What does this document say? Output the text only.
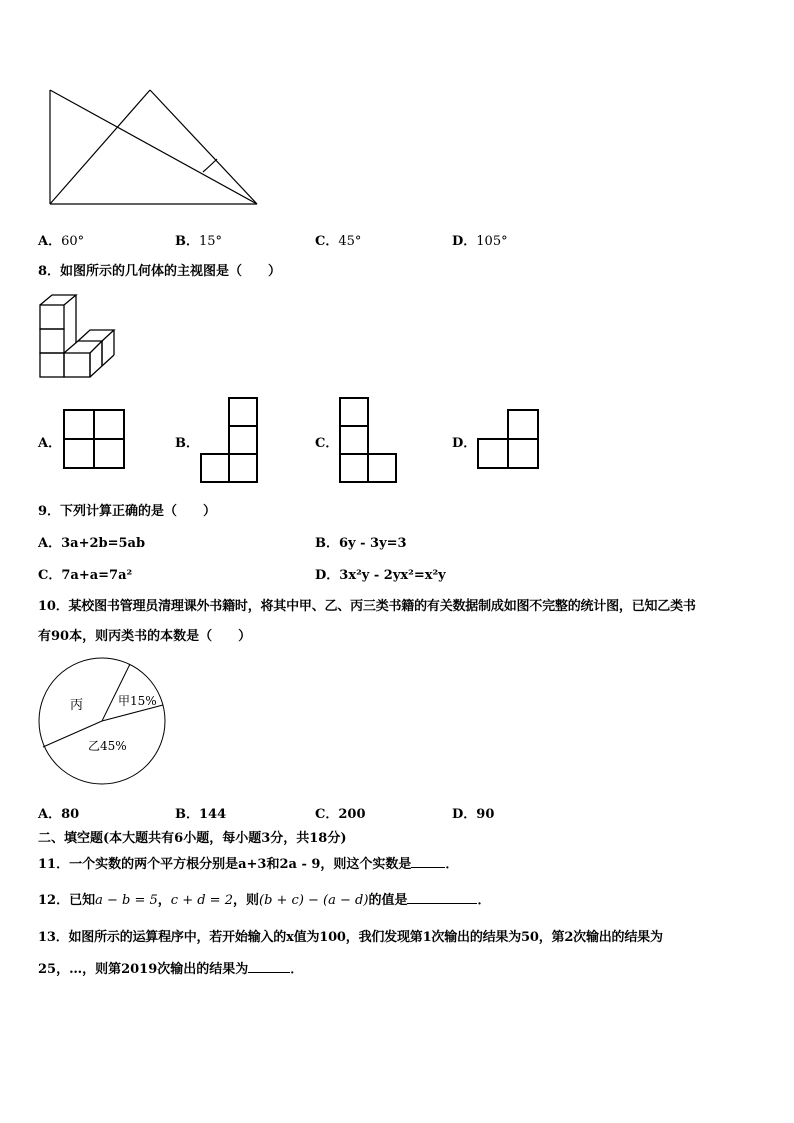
A．60°	B．15°	C．45°	D．105°
8．如图所示的几何体的主视图是（　　）
A．	B．	C．	D．
9．下列计算正确的是（　　）
A．3a+2b=5ab	B．6y - 3y=3
C．7a+a=7a²	D．3x²y - 2yx²=x²y
10．某校图书管理员清理课外书籍时，将其中甲、乙、丙三类书籍的有关数据制成如图不完整的统计图，已知乙类书
有90本，则丙类书的本数是（　　）
丙	甲15%
乙45%
A．80	B．144	C．200	D．90
二、填空题(本大题共有6小题，每小题3分，共18分)
11．一个实数的两个平方根分别是a+3和2a - 9，则这个实数是	．
12．已知a − b = 5，c + d = 2，则(b + c) − (a − d)的值是	．
13．如图所示的运算程序中，若开始输入的x值为100，我们发现第1次输出的结果为50，第2次输出的结果为
25，…，则第2019次输出的结果为	．
